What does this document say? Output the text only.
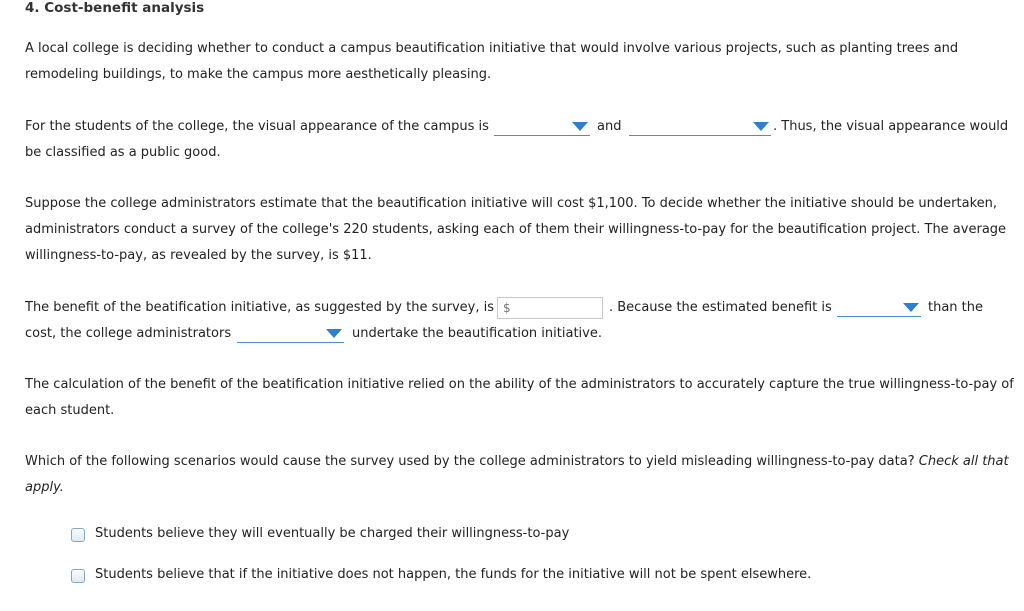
4. Cost-benefit analysis
A local college is deciding whether to conduct a campus beautification initiative that would involve various projects, such as planting trees and
remodeling buildings, to make the campus more aesthetically pleasing.
For the students of the college, the visual appearance of the campus is	and	. Thus, the visual appearance would
be classified as a public good.
Suppose the college administrators estimate that the beautification initiative will cost $1,100. To decide whether the initiative should be undertaken,
administrators conduct a survey of the college's 220 students, asking each of them their willingness-to-pay for the beautification project. The average
willingness-to-pay, as revealed by the survey, is $11.
The benefit of the beatification initiative, as suggested by the survey, is $	. Because the estimated benefit is	than the
cost, the college administrators	undertake the beautification initiative.
The calculation of the benefit of the beatification initiative relied on the ability of the administrators to accurately capture the true willingness-to-pay of
each student.
Which of the following scenarios would cause the survey used by the college administrators to yield misleading willingness-to-pay data? Check all that
apply.
Students believe they will eventually be charged their willingness-to-pay
Students believe that if the initiative does not happen, the funds for the initiative will not be spent elsewhere.
